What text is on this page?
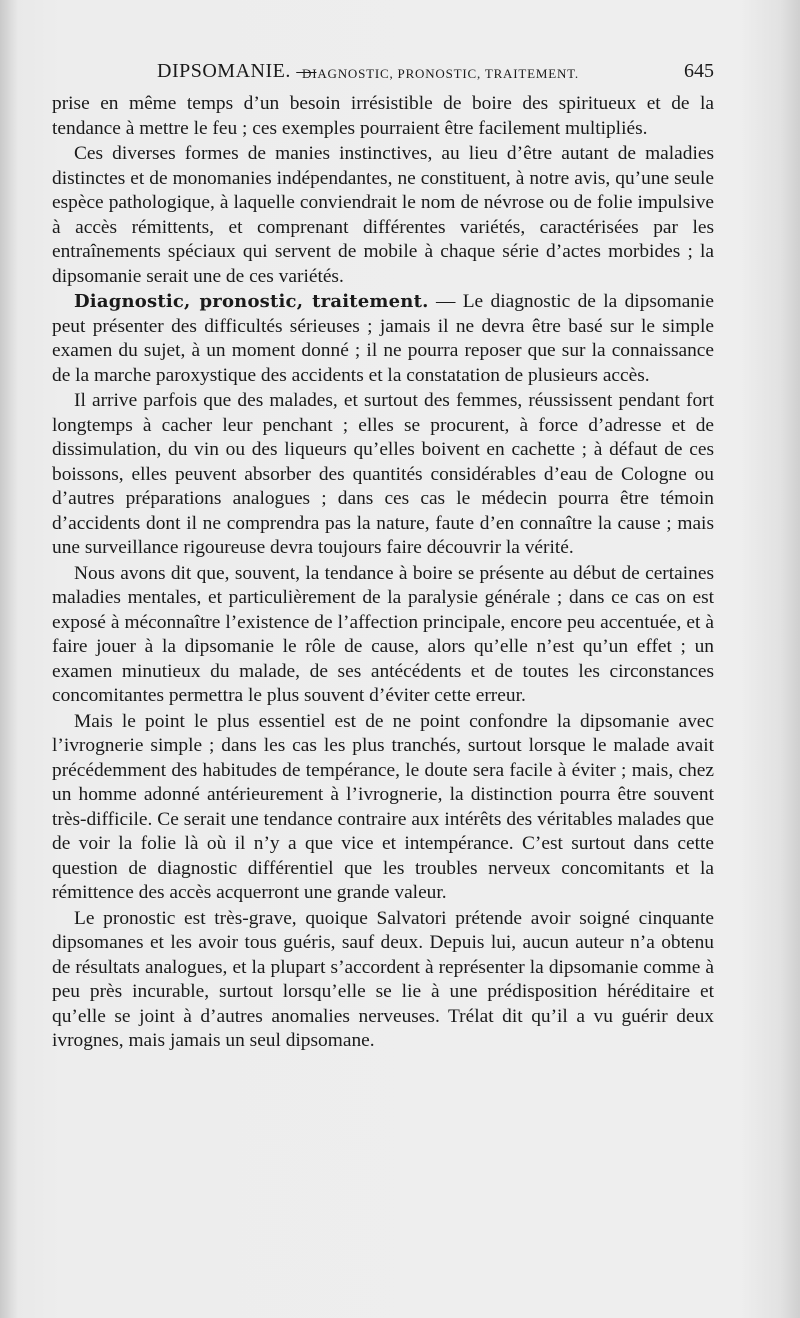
DIPSOMANIE. —
DIAGNOSTIC, PRONOSTIC, TRAITEMENT.	645

prise en même temps d’un besoin irrésistible de boire des spiritueux et de la tendance à mettre le feu ; ces exemples pourraient être facilement multipliés.

Ces diverses formes de manies instinctives, au lieu d’être autant de maladies distinctes et de monomanies indépendantes, ne constituent, à notre avis, qu’une seule espèce pathologique, à laquelle conviendrait le nom de névrose ou de folie impulsive à accès rémittents, et comprenant différentes variétés, caractérisées par les entraînements spéciaux qui servent de mobile à chaque série d’actes morbides ; la dipsomanie serait une de ces variétés.

Diagnostic, pronostic, traitement. — Le diagnostic de la dipsomanie peut présenter des difficultés sérieuses ; jamais il ne devra être basé sur le simple examen du sujet, à un moment donné ; il ne pourra reposer que sur la connaissance de la marche paroxystique des accidents et la constatation de plusieurs accès.

Il arrive parfois que des malades, et surtout des femmes, réussissent pendant fort longtemps à cacher leur penchant ; elles se procurent, à force d’adresse et de dissimulation, du vin ou des liqueurs qu’elles boivent en cachette ; à défaut de ces boissons, elles peuvent absorber des quantités considérables d’eau de Cologne ou d’autres préparations analogues ; dans ces cas le médecin pourra être témoin d’accidents dont il ne comprendra pas la nature, faute d’en connaître la cause ; mais une surveillance rigoureuse devra toujours faire découvrir la vérité.

Nous avons dit que, souvent, la tendance à boire se présente au début de certaines maladies mentales, et particulièrement de la paralysie générale ; dans ce cas on est exposé à méconnaître l’existence de l’affection principale, encore peu accentuée, et à faire jouer à la dipsomanie le rôle de cause, alors qu’elle n’est qu’un effet ; un examen minutieux du malade, de ses antécédents et de toutes les circonstances concomitantes permettra le plus souvent d’éviter cette erreur.

Mais le point le plus essentiel est de ne point confondre la dipsomanie avec l’ivrognerie simple ; dans les cas les plus tranchés, surtout lorsque le malade avait précédemment des habitudes de tempérance, le doute sera facile à éviter ; mais, chez un homme adonné antérieurement à l’ivrognerie, la distinction pourra être souvent très-difficile. Ce serait une tendance contraire aux intérêts des véritables malades que de voir la folie là où il n’y a que vice et intempérance. C’est surtout dans cette question de diagnostic différentiel que les troubles nerveux concomitants et la rémittence des accès acquerront une grande valeur.

Le pronostic est très-grave, quoique Salvatori prétende avoir soigné cinquante dipsomanes et les avoir tous guéris, sauf deux. Depuis lui, aucun auteur n’a obtenu de résultats analogues, et la plupart s’accordent à représenter la dipsomanie comme à peu près incurable, surtout lorsqu’elle se lie à une prédisposition héréditaire et qu’elle se joint à d’autres anomalies nerveuses. Trélat dit qu’il a vu guérir deux ivrognes, mais jamais un seul dipsomane.
